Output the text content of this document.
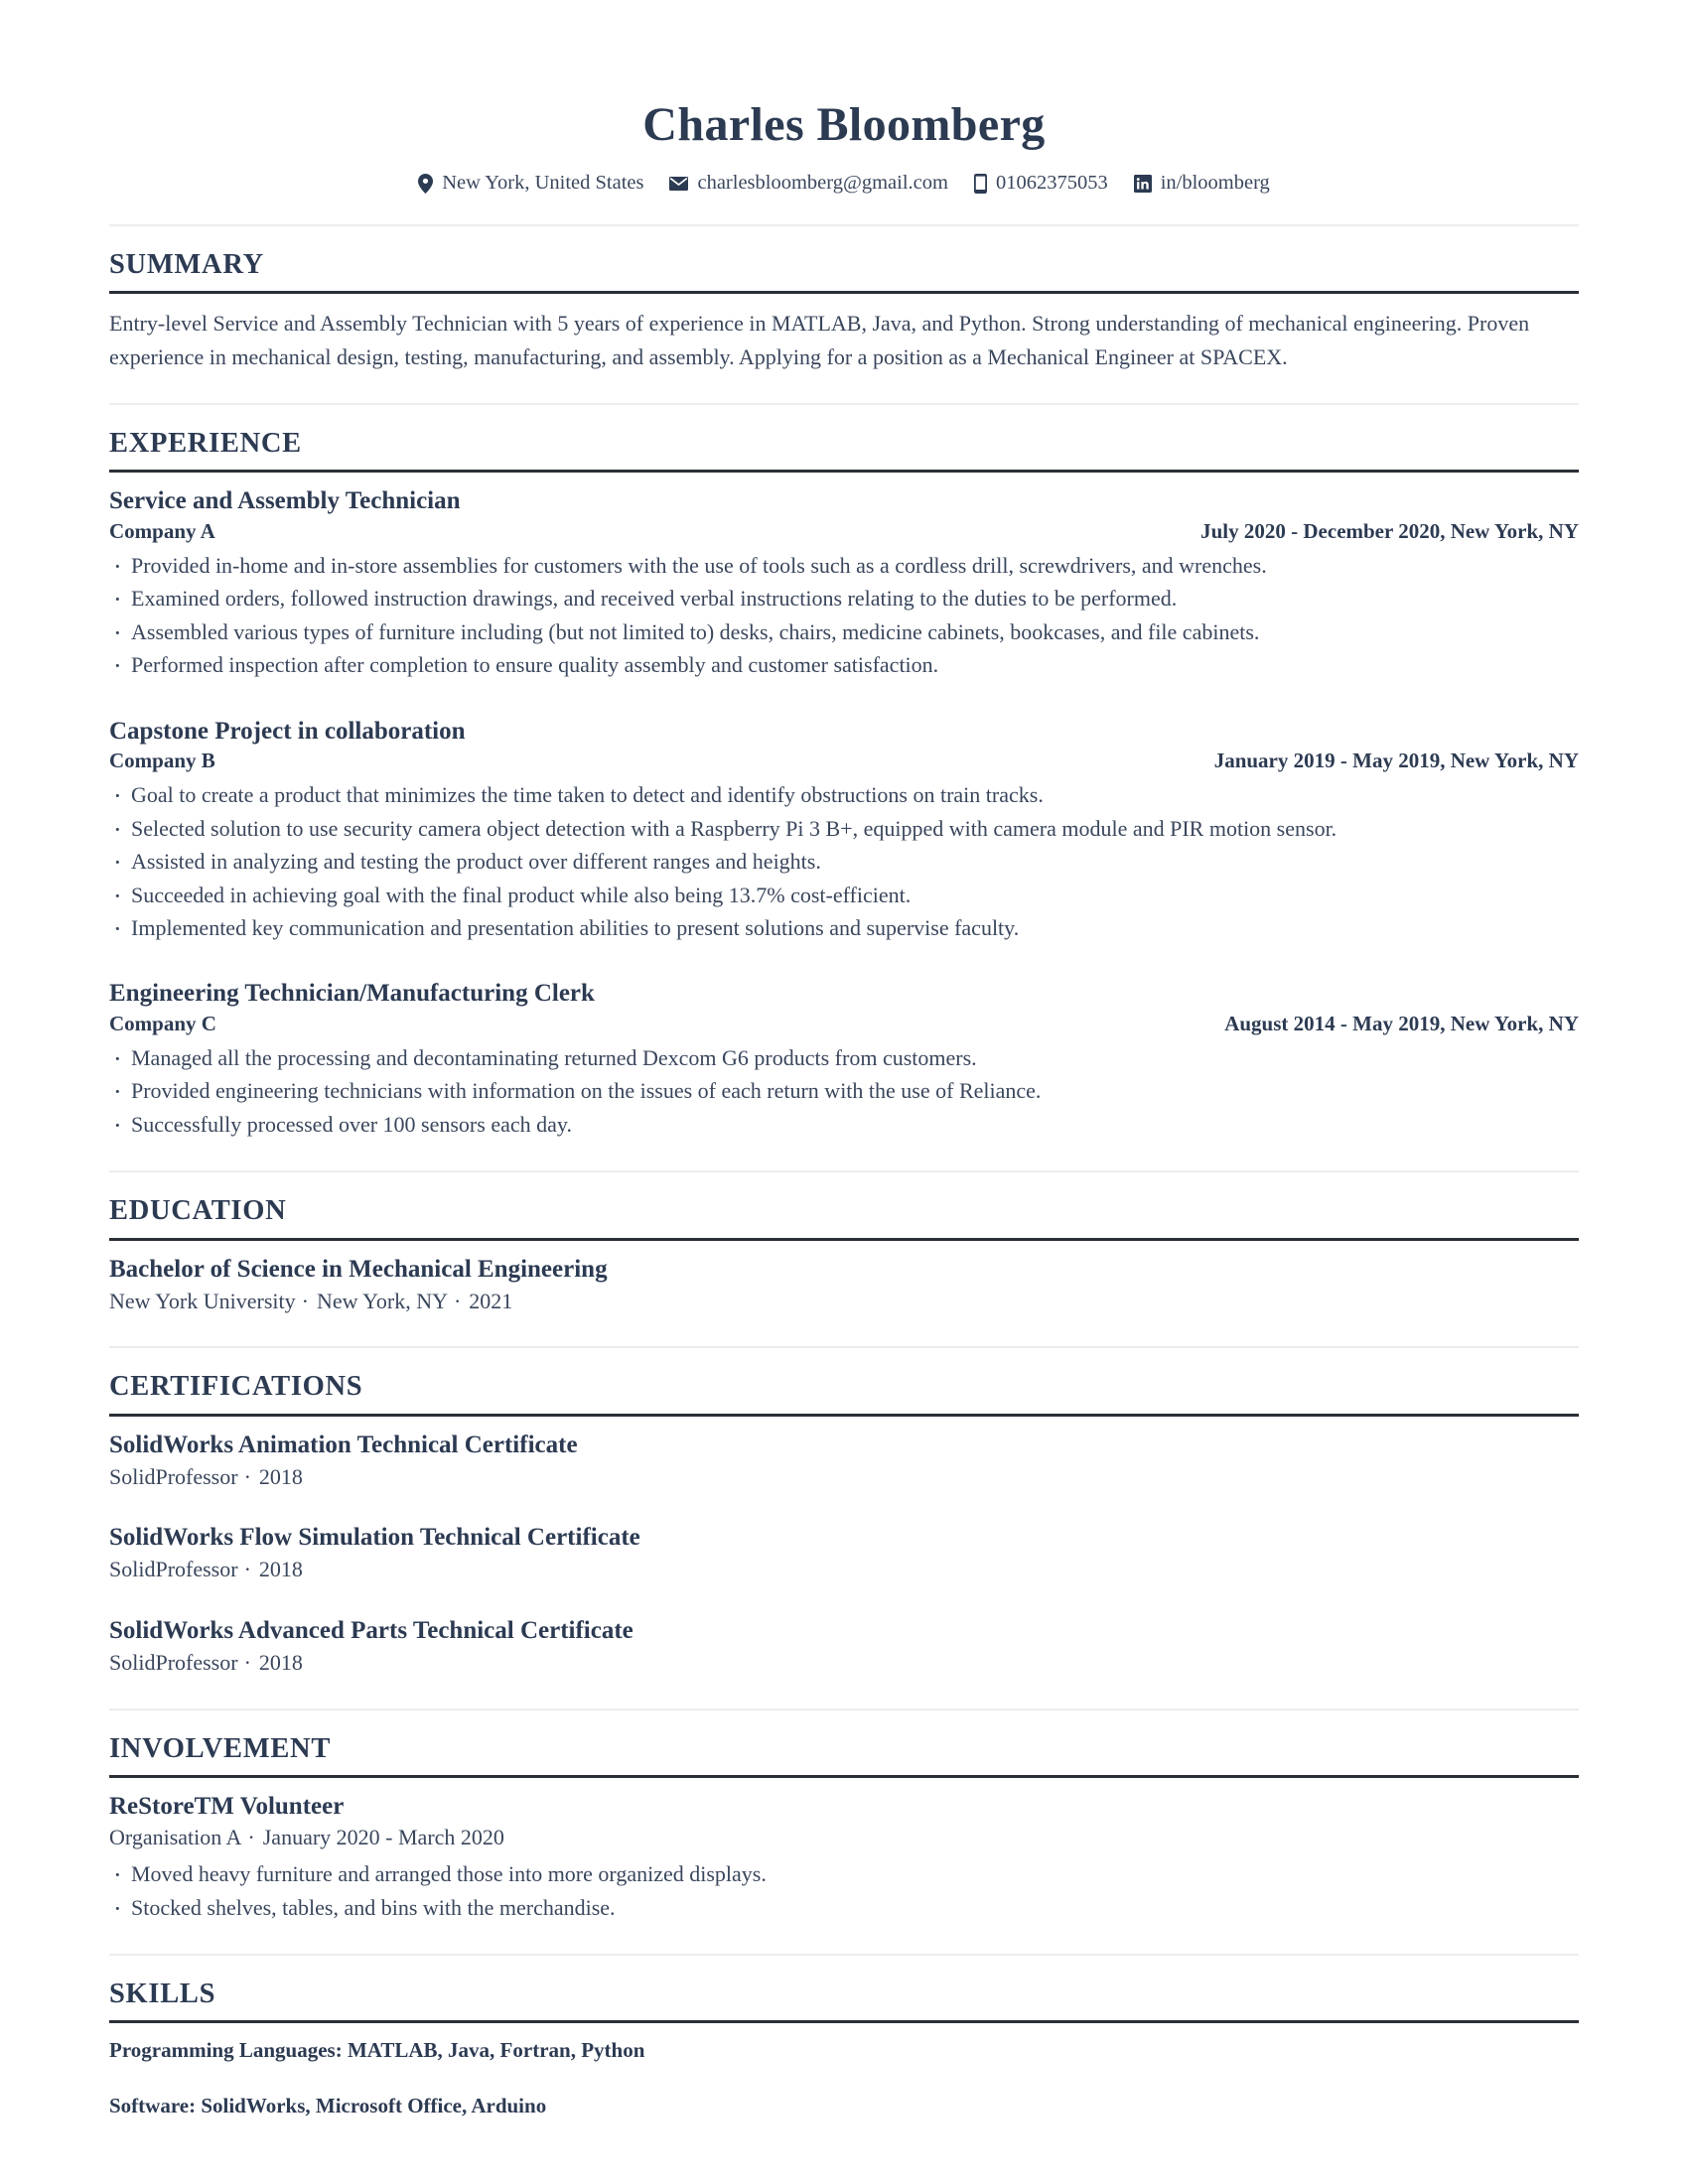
Charles Bloomberg
New York, United States	charlesbloomberg@gmail.com 01062375053	in/bloomberg
SUMMARY
Entry-level Service and Assembly Technician with 5 years of experience in MATLAB, Java, and Python. Strong understanding of mechanical engineering. Proven experience in mechanical design, testing, manufacturing, and assembly. Applying for a position as a Mechanical Engineer at SPACEX.
EXPERIENCE
Service and Assembly Technician
Company A	July 2020 - December 2020, New York, NY
· Provided in-home and in-store assemblies for customers with the use of tools such as a cordless drill, screwdrivers, and wrenches.
· Examined orders, followed instruction drawings, and received verbal instructions relating to the duties to be performed.
· Assembled various types of furniture including (but not limited to) desks, chairs, medicine cabinets, bookcases, and file cabinets.
· Performed inspection after completion to ensure quality assembly and customer satisfaction.
Capstone Project in collaboration
Company B	January 2019 - May 2019, New York, NY
· Goal to create a product that minimizes the time taken to detect and identify obstructions on train tracks.
· Selected solution to use security camera object detection with a Raspberry Pi 3 B+, equipped with camera module and PIR motion sensor.
· Assisted in analyzing and testing the product over different ranges and heights.
· Succeeded in achieving goal with the final product while also being 13.7% cost-efficient.
· Implemented key communication and presentation abilities to present solutions and supervise faculty.
Engineering Technician/Manufacturing Clerk
Company C	August 2014 - May 2019, New York, NY
· Managed all the processing and decontaminating returned Dexcom G6 products from customers.
· Provided engineering technicians with information on the issues of each return with the use of Reliance.
· Successfully processed over 100 sensors each day.
EDUCATION
Bachelor of Science in Mechanical Engineering
New York University · New York, NY · 2021
CERTIFICATIONS
SolidWorks Animation Technical Certificate
SolidProfessor · 2018
SolidWorks Flow Simulation Technical Certificate
SolidProfessor · 2018
SolidWorks Advanced Parts Technical Certificate
SolidProfessor · 2018
INVOLVEMENT
ReStoreTM Volunteer
Organisation A · January 2020 - March 2020
· Moved heavy furniture and arranged those into more organized displays.
· Stocked shelves, tables, and bins with the merchandise.
SKILLS
Programming Languages: MATLAB, Java, Fortran, Python
Software: SolidWorks, Microsoft Office, Arduino
